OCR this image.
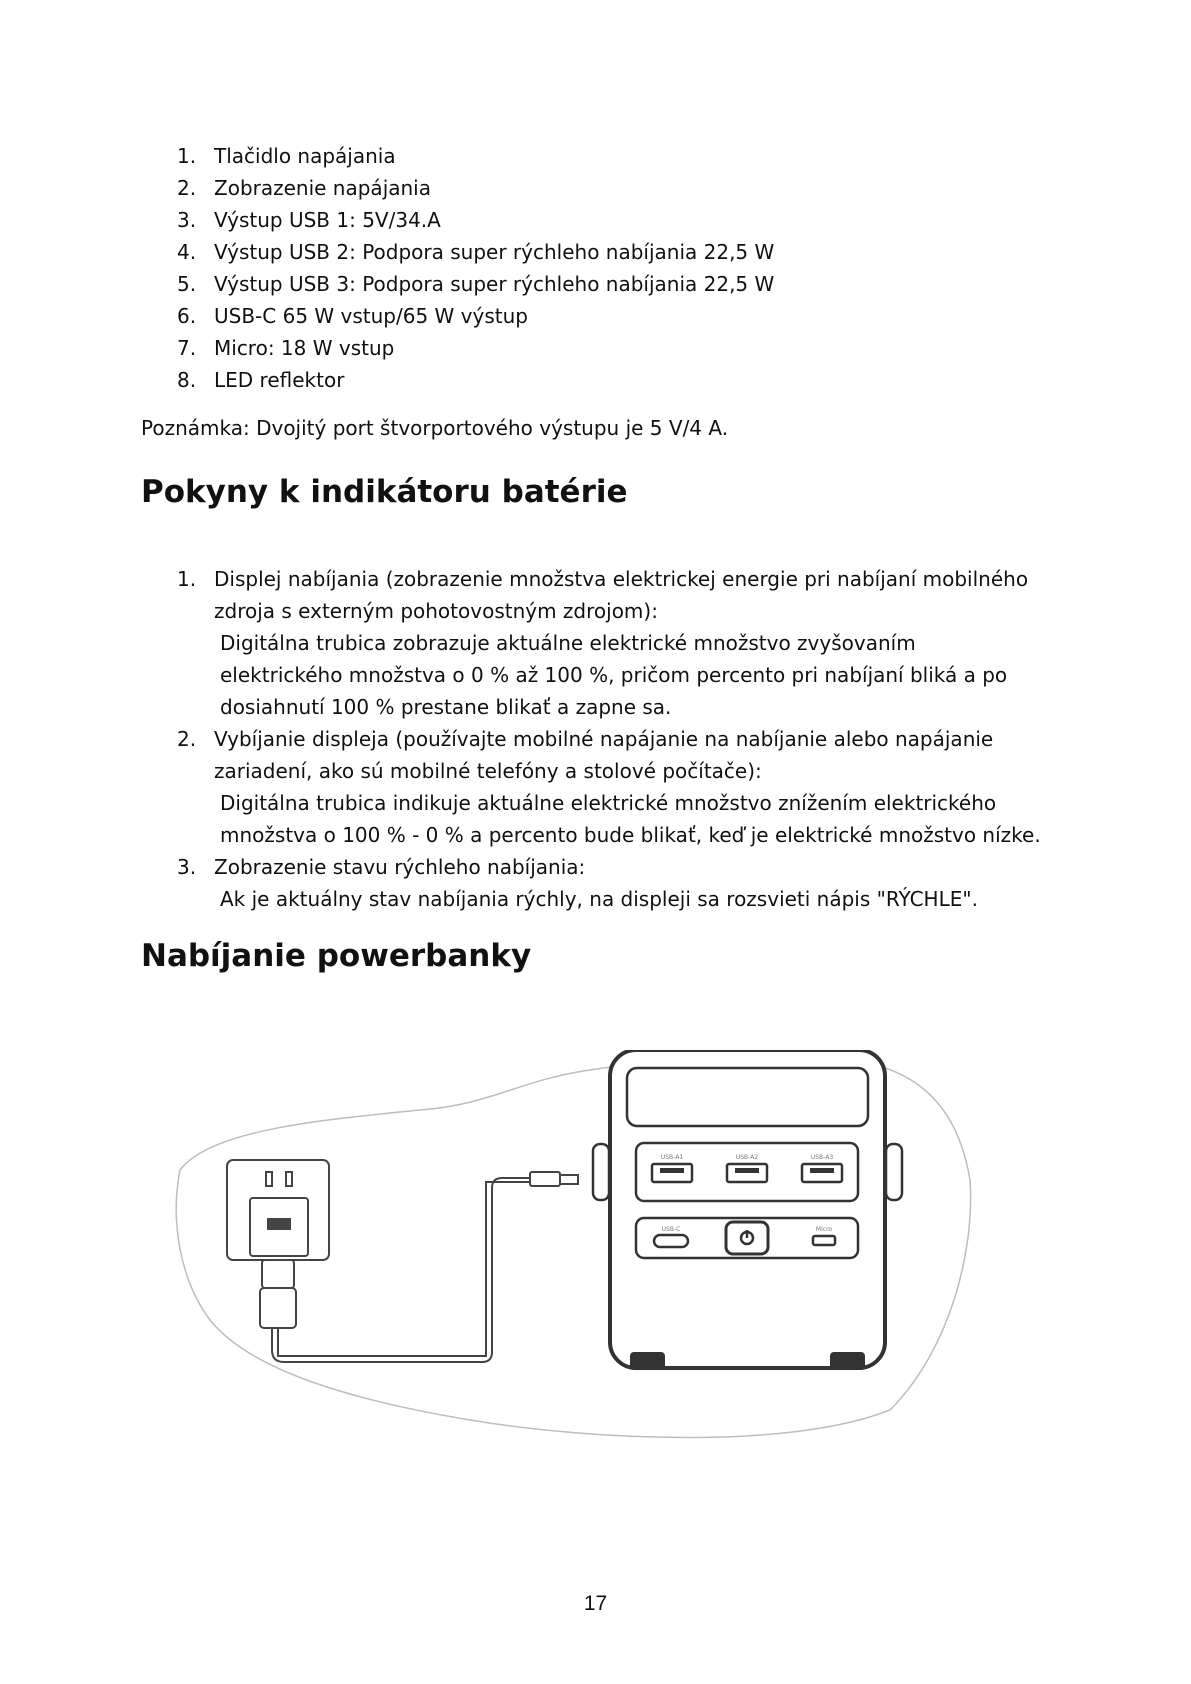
1. Tlačidlo napájania
2. Zobrazenie napájania
3. Výstup USB 1: 5V/34.A
4. Výstup USB 2: Podpora super rýchleho nabíjania 22,5 W
5. Výstup USB 3: Podpora super rýchleho nabíjania 22,5 W
6. USB-C 65 W vstup/65 W výstup
7. Micro: 18 W vstup
8. LED reflektor

Poznámka: Dvojitý port štvorportového výstupu je 5 V/4 A.

Pokyny k indikátoru batérie
1. Displej nabíjania (zobrazenie množstva elektrickej energie pri nabíjaní mobilného zdroja s externým pohotovostným zdrojom):
Digitálna trubica zobrazuje aktuálne elektrické množstvo zvyšovaním elektrického množstva o 0 % až 100 %, pričom percento pri nabíjaní bliká a po dosiahnutí 100 % prestane blikať a zapne sa.
2. Vybíjanie displeja (používajte mobilné napájanie na nabíjanie alebo napájanie zariadení, ako sú mobilné telefóny a stolové počítače):
Digitálna trubica indikuje aktuálne elektrické množstvo znížením elektrického množstva o 100 % - 0 % a percento bude blikať, keď je elektrické množstvo nízke.
3. Zobrazenie stavu rýchleho nabíjania:
Ak je aktuálny stav nabíjania rýchly, na displeji sa rozsvieti nápis "RÝCHLE".
Nabíjanie powerbanky
USB-A1	USB-A2	USB-A3
USB-C	Micro
17
